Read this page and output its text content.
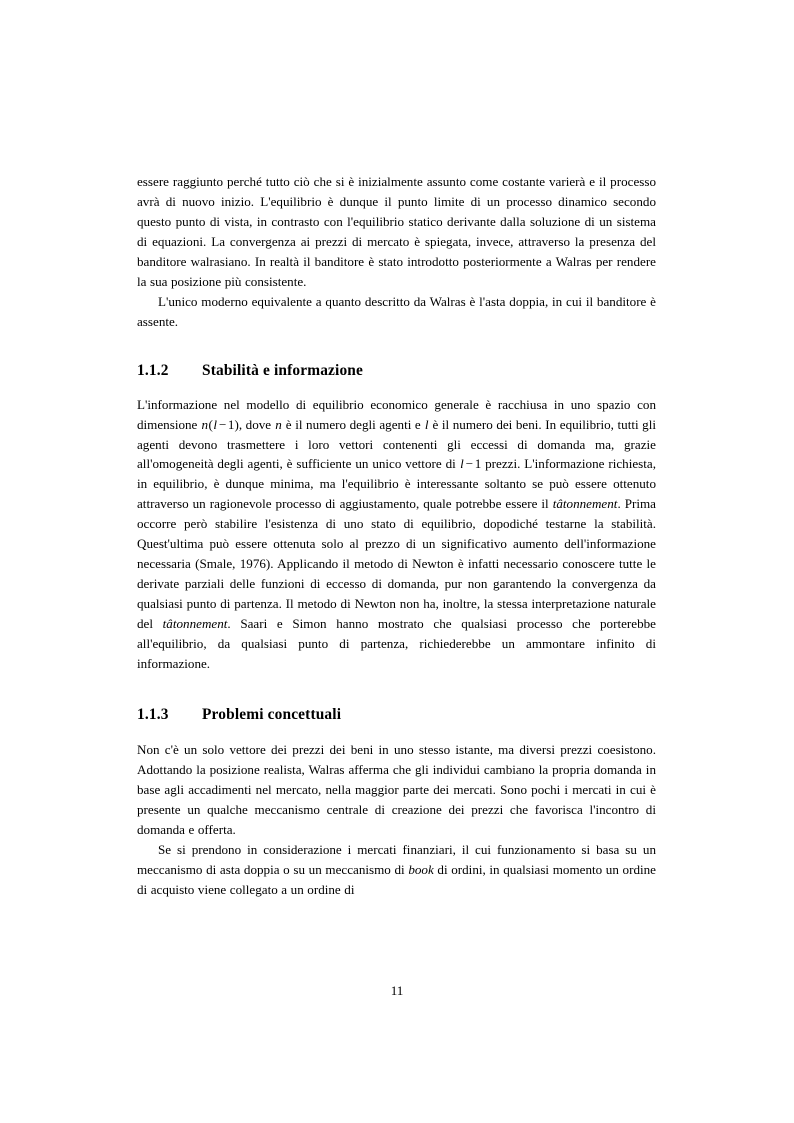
essere raggiunto perché tutto ciò che si è inizialmente assunto come costante varierà e il processo avrà di nuovo inizio. L'equilibrio è dunque il punto limite di un processo dinamico secondo questo punto di vista, in contrasto con l'equilibrio statico derivante dalla soluzione di un sistema di equazioni. La convergenza ai prezzi di mercato è spiegata, invece, attraverso la presenza del banditore walrasiano. In realtà il banditore è stato introdotto posteriormente a Walras per rendere la sua posizione più consistente.

L'unico moderno equivalente a quanto descritto da Walras è l'asta doppia, in cui il banditore è assente.

1.1.2 Stabilità e informazione

L'informazione nel modello di equilibrio economico generale è racchiusa in uno spazio con dimensione n(l − 1), dove n è il numero degli agenti e l è il numero dei beni. In equilibrio, tutti gli agenti devono trasmettere i loro vettori contenenti gli eccessi di domanda ma, grazie all'omogeneità degli agenti, è sufficiente un unico vettore di l − 1 prezzi. L'informazione richiesta, in equilibrio, è dunque minima, ma l'equilibrio è interessante soltanto se può essere ottenuto attraverso un ragionevole processo di aggiustamento, quale potrebbe essere il tâtonnement. Prima occorre però stabilire l'esistenza di uno stato di equilibrio, dopodiché testarne la stabilità. Quest'ultima può essere ottenuta solo al prezzo di un significativo aumento dell'informazione necessaria (Smale, 1976). Applicando il metodo di Newton è infatti necessario conoscere tutte le derivate parziali delle funzioni di eccesso di domanda, pur non garantendo la convergenza da qualsiasi punto di partenza. Il metodo di Newton non ha, inoltre, la stessa interpretazione naturale del tâtonnement. Saari e Simon hanno mostrato che qualsiasi processo che porterebbe all'equilibrio, da qualsiasi punto di partenza, richiederebbe un ammontare infinito di informazione.

1.1.3 Problemi concettuali

Non c'è un solo vettore dei prezzi dei beni in uno stesso istante, ma diversi prezzi coesistono. Adottando la posizione realista, Walras afferma che gli individui cambiano la propria domanda in base agli accadimenti nel mercato, nella maggior parte dei mercati. Sono pochi i mercati in cui è presente un qualche meccanismo centrale di creazione dei prezzi che favorisca l'incontro di domanda e offerta.

Se si prendono in considerazione i mercati finanziari, il cui funzionamento si basa su un meccanismo di asta doppia o su un meccanismo di book di ordini, in qualsiasi momento un ordine di acquisto viene collegato a un ordine di

11
